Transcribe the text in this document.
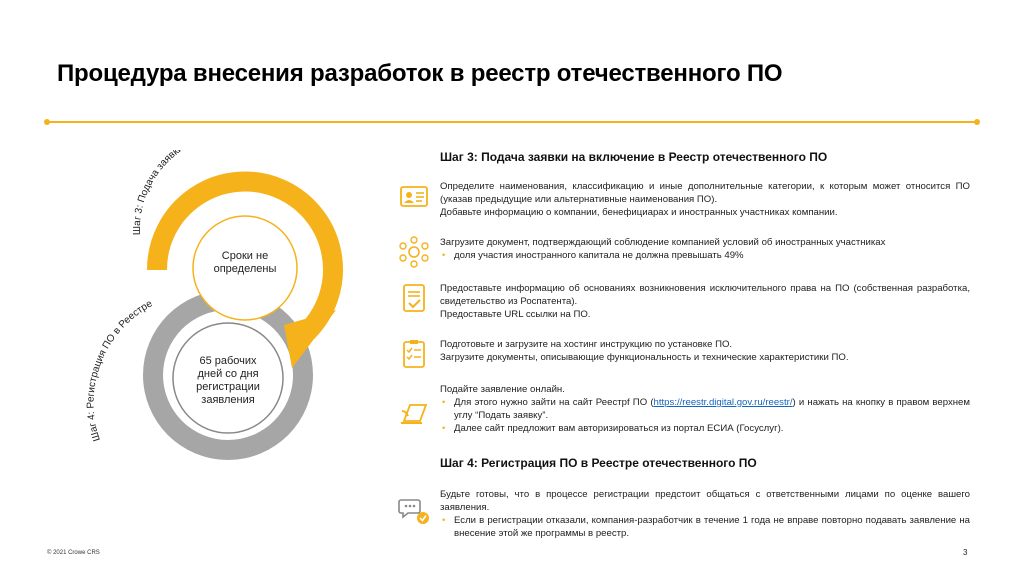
Процедура внесения разработок в реестр отечественного ПО
Шаг 3: Подача заявк
Шаг 4: Регистрация ПО в Реестре
Сроки не определены
65 рабочих дней со дня регистрации заявления
Шаг 3: Подача заявки на включение в Реестр отечественного ПО

Определите наименования, классификацию и иные дополнительные категории, к которым может относится ПО (указав предыдущие или альтернативные наименования ПО).

Добавьте информацию о компании, бенефициарах и иностранных участниках компании.

Загрузите документ, подтверждающий соблюдение компанией условий об иностранных участниках

• доля участия иностранного капитала не должна превышать 49%

Предоставьте информацию об основаниях возникновения исключительного права на ПО (собственная разработка, свидетельство из Роспатента).

Предоставьте URL ссылки на ПО.

Подготовьте и загрузите на хостинг инструкцию по установке ПО.

Загрузите документы, описывающие функциональность и технические характеристики ПО.

Подайте заявление онлайн.

• Для этого нужно зайти на сайт Реестрf ПО (https://reestr.digital.gov.ru/reestr/) и нажать на кнопку в правом верхнем углу “Подать заявку”.

• Далее сайт предложит вам авторизироваться из портал ЕСИА (Госуслуг).

Шаг 4: Регистрация ПО в Реестре отечественного ПО

Будьте готовы, что в процессе регистрации предстоит общаться с ответственными лицами по оценке вашего заявления.

• Если в регистрации отказали, компания-разработчик в течение 1 года не вправе повторно подавать заявление на внесение этой же программы в реестр.

© 2021 Crowe CRS	3
